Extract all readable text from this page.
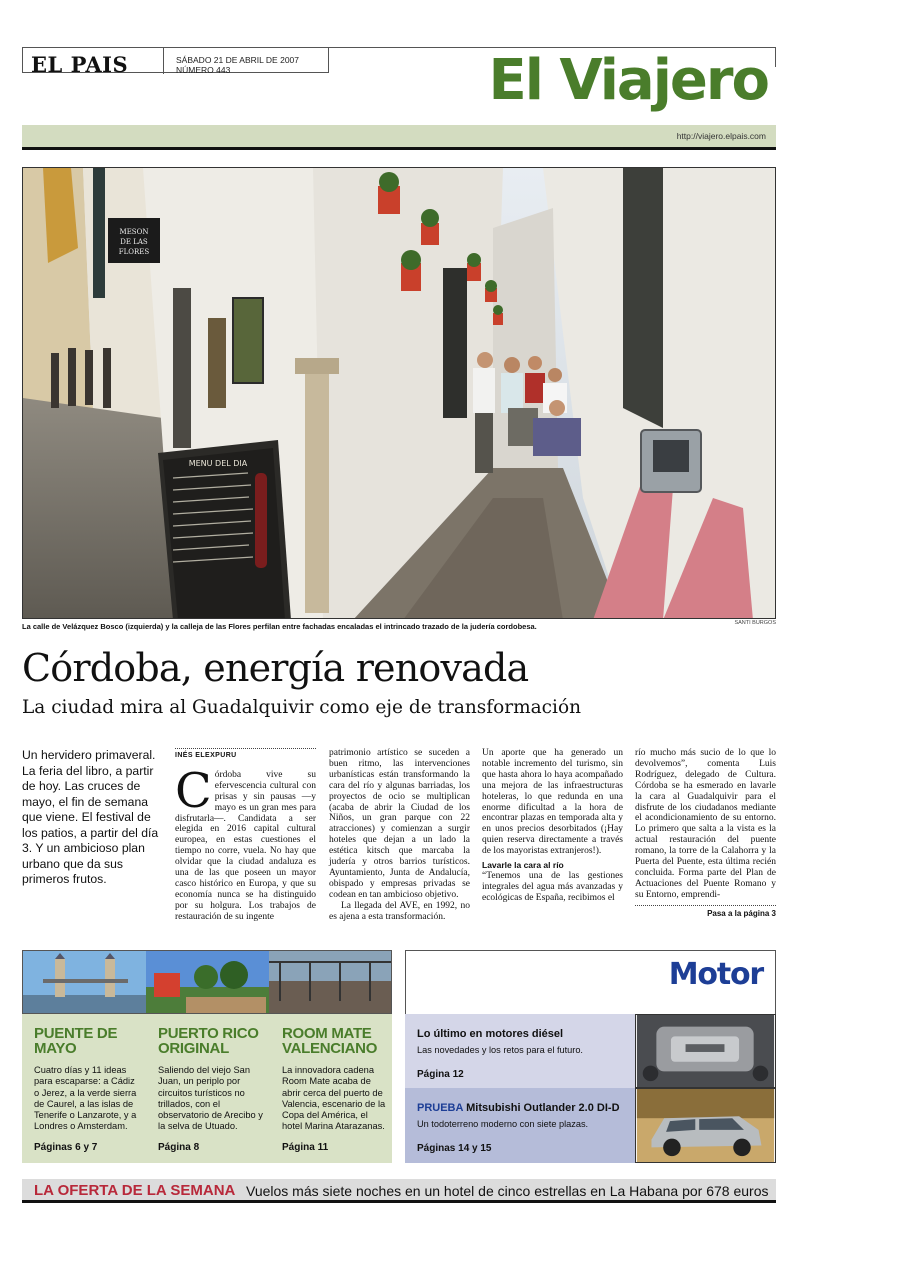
EL PAIS	SÁBADO 21 DE ABRIL DE 2007
NÚMERO 443	El Viajero
http://viajero.elpais.com
MESON
DE LAS
FLORES
MENU DEL DIA
La calle de Velázquez Bosco (izquierda) y la calleja de las Flores perfilan entre fachadas encaladas el intrincado trazado de la judería cordobesa.	SANTI BURGOS
Córdoba, energía renovada
La ciudad mira al Guadalquivir como eje de transformación
Un hervidero primaveral. La feria del libro, a partir de hoy. Las cruces de mayo, el fin de semana que viene. El festival de los patios, a partir del día 3. Y un ambicioso plan urbano que da sus primeros frutos.
INÉS ELEXPURU
C órdoba vive su efervescencia cultural con prisas y sin pausas —y mayo es un gran mes para disfrutarla—. Candidata a ser elegida en 2016 capital cultural europea, en estas cuestiones el tiempo no corre, vuela. No hay que olvidar que la ciudad andaluza es una de las que poseen un mayor casco histórico en Europa, y que su economía nunca se ha distinguido por su holgura. Los trabajos de restauración de su ingente
patrimonio artístico se suceden a buen ritmo, las intervenciones urbanísticas están transformando la cara del río y algunas barriadas, los proyectos de ocio se multiplican (acaba de abrir la Ciudad de los Niños, un gran parque con 22 atracciones) y comienzan a surgir hoteles que dejan a un lado la estética kitsch que marcaba la judería y otros barrios turísticos. Ayuntamiento, Junta de Andalucía, obispado y empresas privadas se codean en tan ambicioso objetivo.
La llegada del AVE, en 1992, no es ajena a esta transformación.
Un aporte que ha generado un notable incremento del turismo, sin que hasta ahora lo haya acompañado una mejora de las infraestructuras hoteleras, lo que redunda en una enorme dificultad a la hora de encontrar plazas en temporada alta y en unos precios desorbitados (¡Hay quien reserva directamente a través de los mayoristas extranjeros!).
Lavarle la cara al río
“Tenemos una de las gestiones integrales del agua más avanzadas y ecológicas de España, recibimos el
río mucho más sucio de lo que lo devolvemos”, comenta Luis Rodríguez, delegado de Cultura. Córdoba se ha esmerado en lavarle la cara al Guadalquivir para el disfrute de los ciudadanos mediante el acondicionamiento de su entorno. Lo primero que salta a la vista es la actual restauración del puente romano, la torre de la Calahorra y la Puerta del Puente, esta última recién concluida. Forma parte del Plan de Actuaciones del Puente Romano y su Entorno, emprendi-
Pasa a la página 3
PUENTE DE MAYO

Cuatro días y 11 ideas para escaparse: a Cádiz o Jerez, a la verde sierra de Caurel, a las islas de Tenerife o Lanzarote, y a Londres o Amsterdam.

Páginas 6 y 7
PUERTO RICO ORIGINAL

Saliendo del viejo San Juan, un periplo por circuitos turísticos no trillados, con el observatorio de Arecibo y la selva de Utuado.

Página 8
ROOM MATE VALENCIANO

La innovadora cadena Room Mate acaba de abrir cerca del puerto de Valencia, escenario de la Copa del América, el hotel Marina Atarazanas.

Página 11
Motor
Lo último en motores diésel

Las novedades y los retos para el futuro.

Página 12
PRUEBA Mitsubishi Outlander 2.0 DI-D

Un todoterreno moderno con siete plazas.

Páginas 14 y 15
LA OFERTA DE LA SEMANA Vuelos más siete noches en un hotel de cinco estrellas en La Habana por 678 euros
